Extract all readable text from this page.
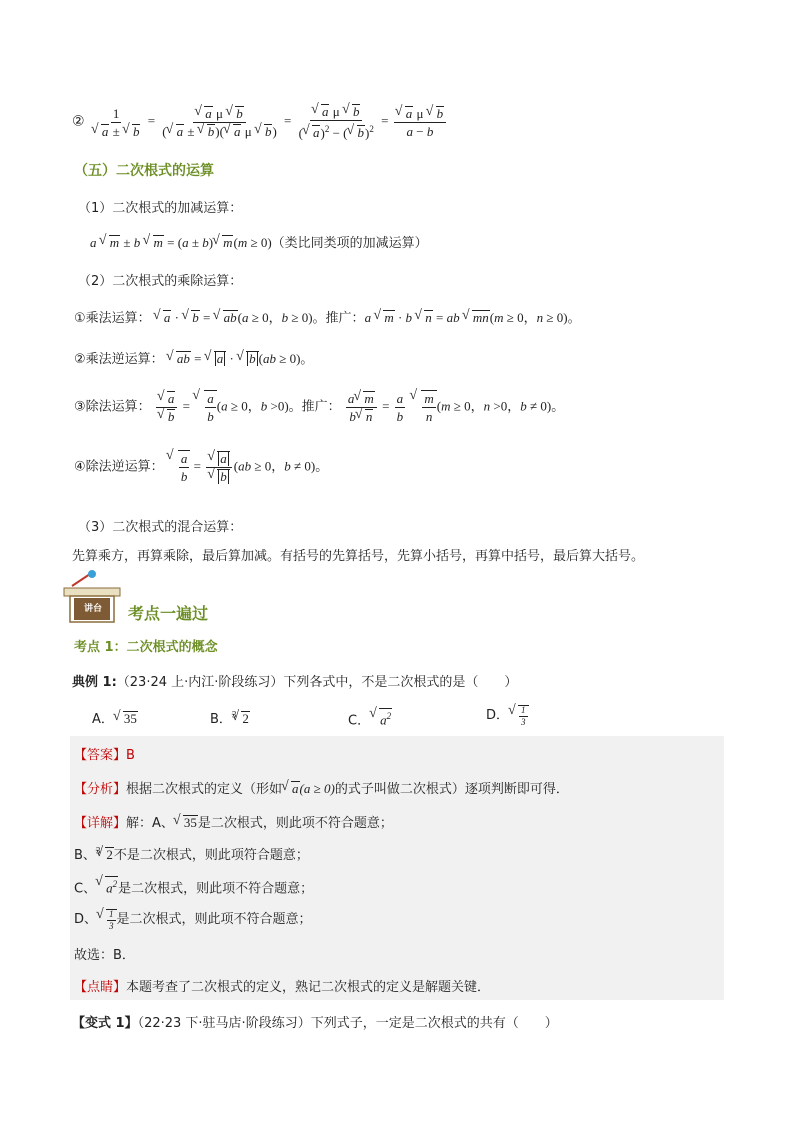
② 1
√ a ± √ b = √ $\frac{\text{a μ √ b}}{\text{( √ a ± √ b)( √ a μ √ b)}}$ = √ $\frac{\text{a μ √ b}}{( √ a)^2 - ( √ b)^2}$ = √ $\frac{\text{a μ √ b}}{a - b}$
（五）二次根式的运算
（1）二次根式的加减运算：
a √ m ± b √ m = (a ± b) √ m(m ≥ 0)（类比同类项的加减运算）
（2）二次根式的乘除运算：
①乘法运算： √ a · √ b = √ ab(a ≥ 0，b ≥ 0)。推广：a √ m · b √ n = ab √ mn(m ≥ 0，n ≥ 0)。
②乘法逆运算： √ ab = √ a · √ b (ab ≥ 0)。
③除法运算： √ a
√ b = √ $\frac{a}{b} (a \ge 0$，b >0)。推广： $\frac{a √ m}{b √ n} = \frac{a}{b}$
√ $\frac{m}{n} (m \ge 0$，n >0，b ≠ 0)。
④除法逆运算： √ $\frac{a}{b}$ = √ a
√ b (ab ≥ 0，b ≠ 0)。
（3）二次根式的混合运算：
先算乘方，再算乘除，最后算加减。有括号的先算括号，先算小括号，再算中括号，最后算大括号。
讲台 考点一遍过
考点 1：二次根式的概念
典例 1:（23·24 上·内江·阶段练习）下列各式中，不是二次根式的是（　　）
A． √ 35	B．$^3$ √ 2	C． √ $a^2$	D． √ $\frac{1}{3}$
【答案】B
【分析】根据二次根式的定义（形如 √ a(a ≥ 0)的式子叫做二次根式）逐项判断即可得．
【详解】解：A、 √ 35是二次根式，则此项不符合题意；
B、$^3$ √ 2不是二次根式，则此项符合题意；
C、 √ $a^2$是二次根式，则此项不符合题意；
D、 √ $\frac{1}{3}$ 是二次根式，则此项不符合题意；
故选：B．
【点睛】本题考查了二次根式的定义，熟记二次根式的定义是解题关键．
【变式 1】（22·23 下·驻马店·阶段练习）下列式子，一定是二次根式的共有（　　）
